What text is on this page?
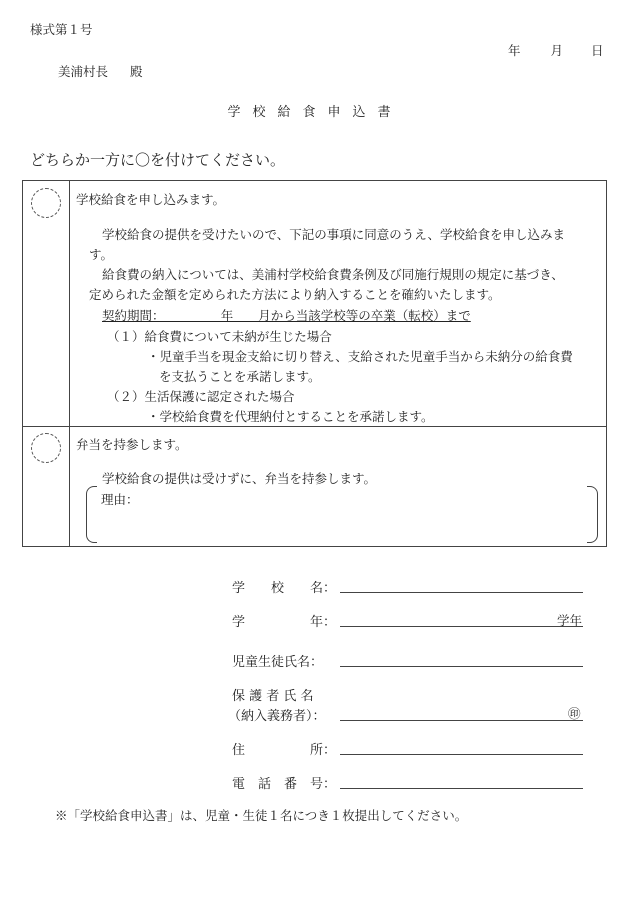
様式第１号
年 月 日
美浦村長 殿
学校給食申込書
どちらか一方に〇を付けてください。
学校給食を申し込みます。
学校給食の提供を受けたいので、下記の事項に同意のうえ、学校給食を申し込みま
す。
給食費の納入については、美浦村学校給食費条例及び同施行規則の規定に基づき、
定められた金額を定められた方法により納入することを確約いたします。
契約期間：　　　　　年　　月から当該学校等の卒業（転校）まで
（１）給食費について未納が生じた場合
・児童手当を現金支給に切り替え、支給された児童手当から未納分の給食費
を支払うことを承諾します。
（２）生活保護に認定された場合
・学校給食費を代理納付とすることを承諾します。
弁当を持参します。
学校給食の提供は受けずに、弁当を持参します。
理由：
学　　校　　名：
学　　　　　年：	学年
児童生徒氏名：
保 護 者 氏 名
（納入義務者）：	㊞
住　　　　　所：
電　話　番　号：
※「学校給食申込書」は、児童・生徒１名につき１枚提出してください。
